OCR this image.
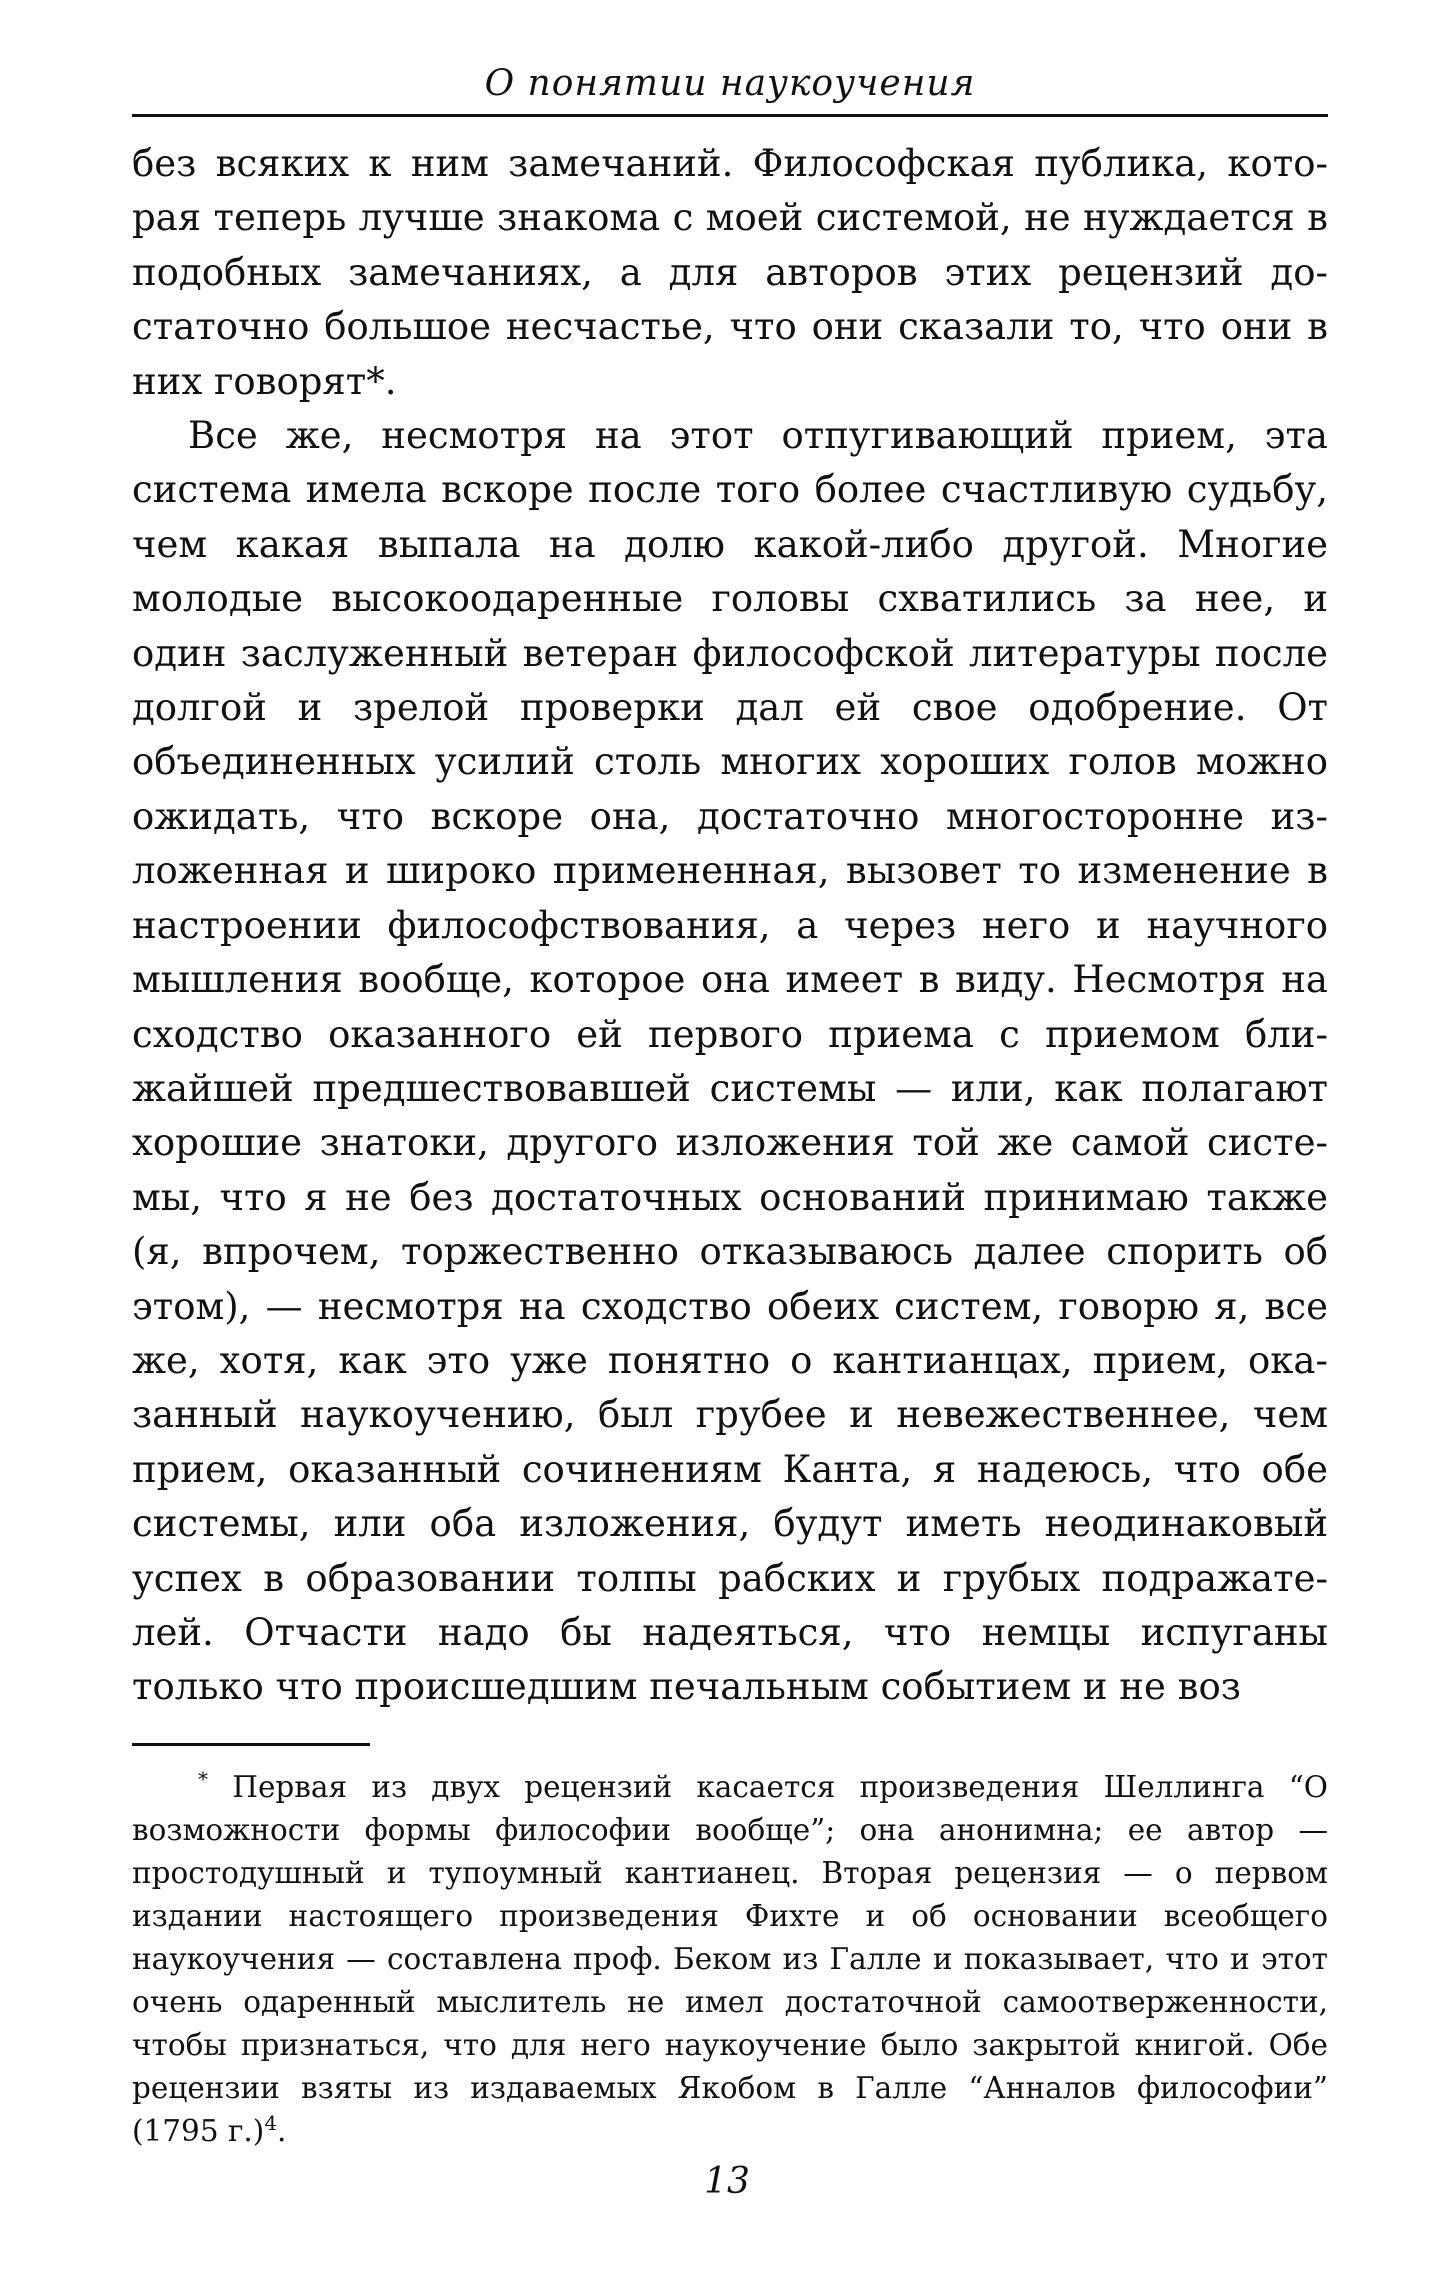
О понятии наукоучения

без всяких к ним замечаний. Философская публика, которая теперь лучше знакома с моей системой, не нуждается в подобных замечаниях, а для авторов этих рецензий достаточно большое несчастье, что они сказали то, что они в них говорят*.

Все же, несмотря на этот отпугивающий прием, эта система имела вскоре после того более счастливую судьбу, чем какая выпала на долю какой-либо другой. Многие молодые высокоодаренные головы схватились за нее, и один заслуженный ветеран философской литературы после долгой и зрелой проверки дал ей свое одобрение. От объединенных усилий столь многих хороших голов можно ожидать, что вскоре она, достаточно многосторонне изложенная и широко примененная, вызовет то изменение в настроении философствования, а через него и научного мышления вообще, которое она имеет в виду. Несмотря на сходство оказанного ей первого приема с приемом ближайшей предшествовавшей системы — или, как полагают хорошие знатоки, другого изложения той же самой системы, что я не без достаточных оснований принимаю также (я, впрочем, торжественно отказываюсь далее спорить об этом), — несмотря на сходство обеих систем, говорю я, все же, хотя, как это уже понятно о кантианцах, прием, оказанный наукоучению, был грубее и невежественнее, чем прием, оказанный сочинениям Канта, я надеюсь, что обе системы, или оба изложения, будут иметь неодинаковый успех в образовании толпы рабских и грубых подражателей. Отчасти надо бы надеяться, что немцы испуганы только что происшедшим печальным событием и не воз

* Первая из двух рецензий касается произведения Шеллинга “О возможности формы философии вообще”; она анонимна; ее автор — простодушный и тупоумный кантианец. Вторая рецензия — о первом издании настоящего произведения Фихте и об основании всеобщего наукоучения — составлена проф. Беком из Галле и показывает, что и этот очень одаренный мыслитель не имел достаточной самоотверженности, чтобы признаться, что для него наукоучение было закрытой книгой. Обе рецензии взяты из издаваемых Якобом в Галле “Анналов философии” (1795 г.)$^4$.
13
